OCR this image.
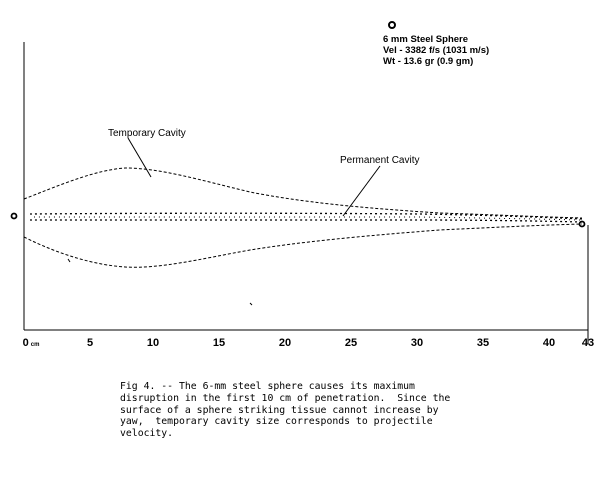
6 mm Steel Sphere
Vel - 3382 f/s (1031 m/s)
Wt - 13.6 gr (0.9 gm)
Temporary Cavity
Permanent Cavity
0 cm	5	10	15	20	25	30	35	40 43
Fig 4. -- The 6-mm steel sphere causes its maximum
disruption in the first 10 cm of penetration.  Since the
surface of a sphere striking tissue cannot increase by
yaw,  temporary cavity size corresponds to projectile
velocity.
